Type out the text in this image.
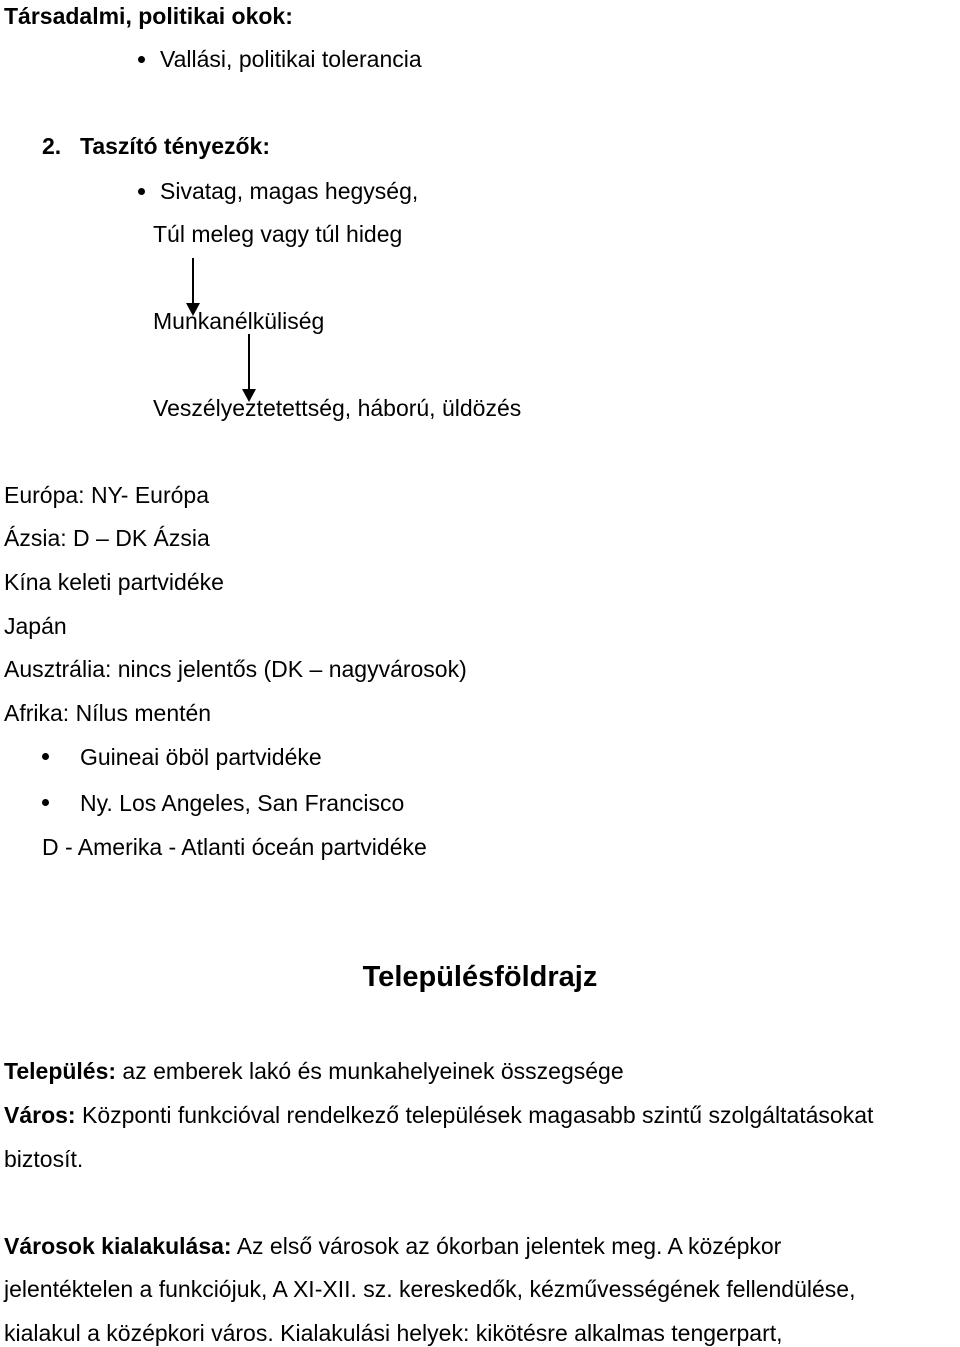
Társadalmi, politikai okok:
Vallási, politikai tolerancia
2. Taszító tényezők:
Sivatag, magas hegység,
Túl meleg vagy túl hideg
Munkanélküliség
Veszélyeztetettség, háború, üldözés
Európa: NY- Európa
Ázsia: D – DK Ázsia
Kína keleti partvidéke
Japán
Ausztrália: nincs jelentős (DK – nagyvárosok)
Afrika: Nílus mentén
Guineai öböl partvidéke
Ny. Los Angeles, San Francisco
D - Amerika - Atlanti óceán partvidéke
Településföldrajz
Település: az emberek lakó és munkahelyeinek összegsége
Város: Központi funkcióval rendelkező települések magasabb szintű szolgáltatásokat
biztosít.
Városok kialakulása: Az első városok az ókorban jelentek meg. A középkor
jelentéktelen a funkciójuk, A XI-XII. sz. kereskedők, kézművességének fellendülése,
kialakul a középkori város. Kialakulási helyek: kikötésre alkalmas tengerpart,
